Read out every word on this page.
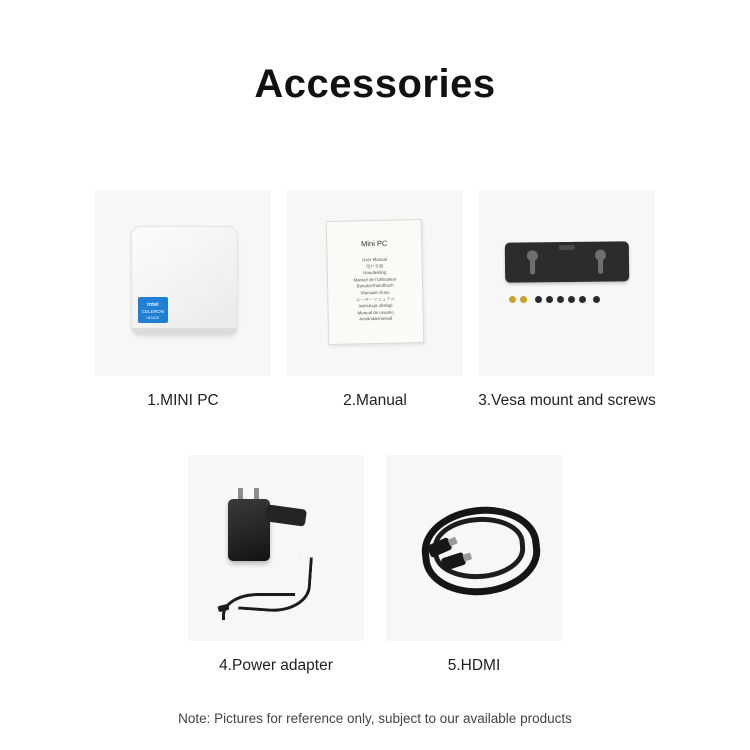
Accessories
intel
CELERON
INSIDE
1.MINI PC
Mini PC
User Manual
用户手册
Handleiding
Manuel de l'Utilisateur
Benutzerhandbuch
Manuale d'uso
ユーザーマニュアル
Instrukcja obsługi
Manual de usuario
Användarmanual
2.Manual	3.Vesa mount and screws
4.Power adapter	5.HDMI
Note: Pictures for reference only, subject to our available products
